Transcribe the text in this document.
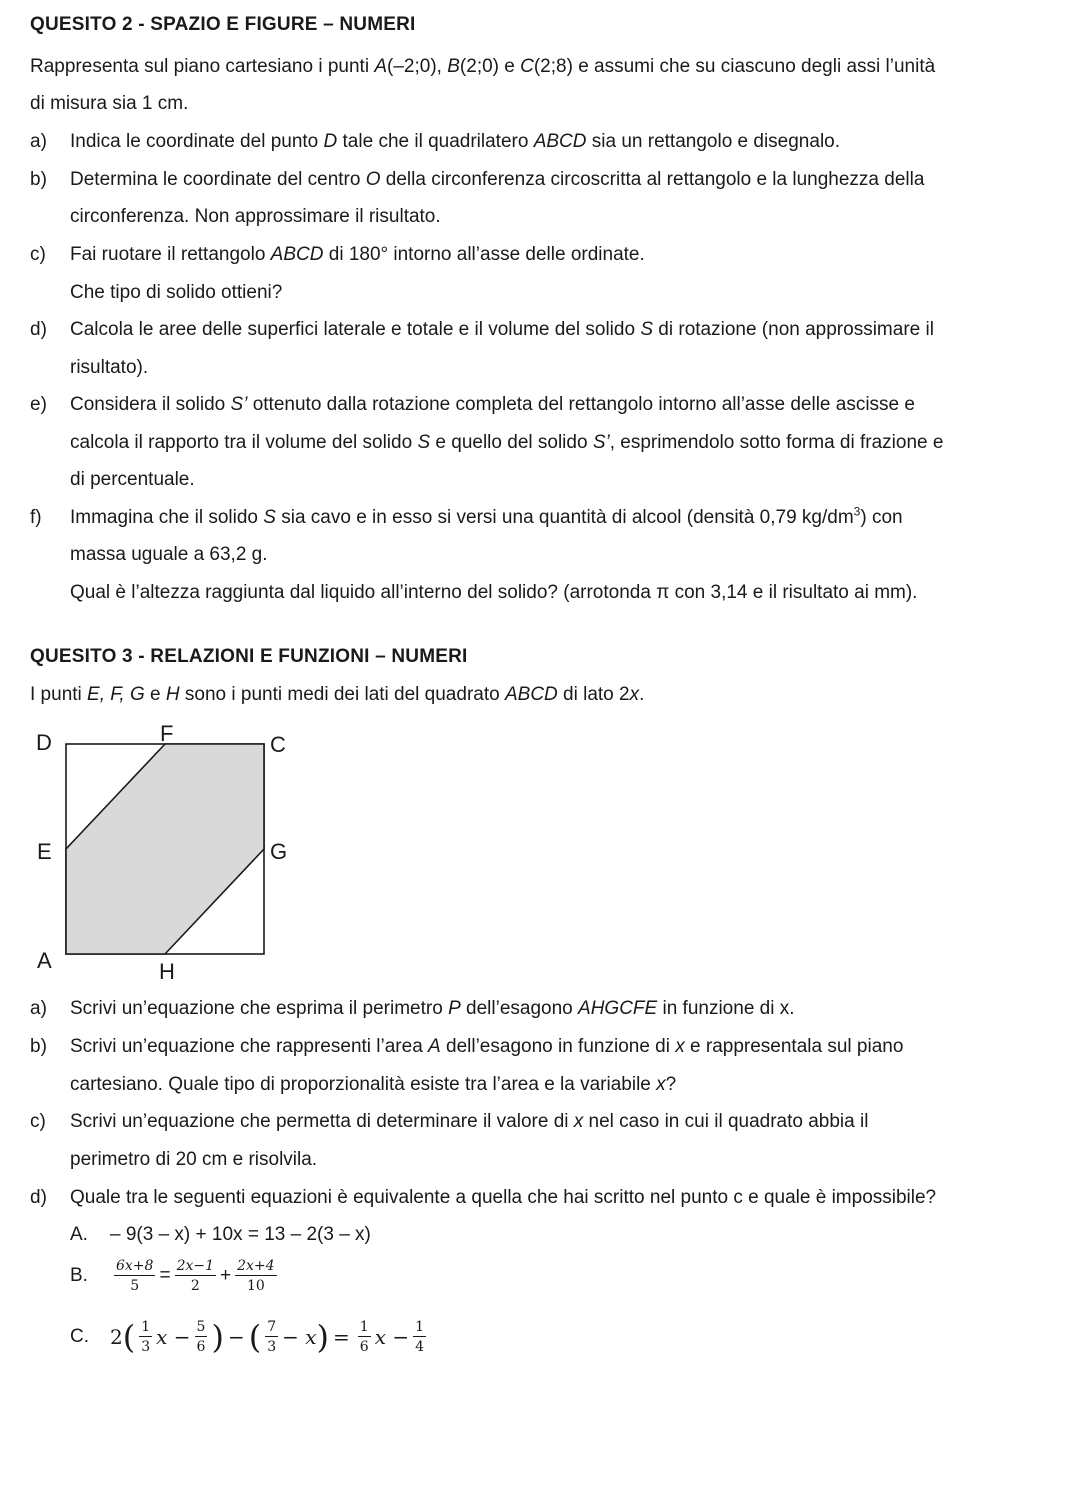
QUESITO 2 - SPAZIO E FIGURE – NUMERI
Rappresenta sul piano cartesiano i punti A(–2;0), B(2;0) e C(2;8) e assumi che su ciascuno degli assi l’unità
di misura sia 1 cm.
a) Indica le coordinate del punto D tale che il quadrilatero ABCD sia un rettangolo e disegnalo.
b) Determina le coordinate del centro O della circonferenza circoscritta al rettangolo e la lunghezza della
circonferenza. Non approssimare il risultato.
c) Fai ruotare il rettangolo ABCD di 180° intorno all’asse delle ordinate.
Che tipo di solido ottieni?
d) Calcola le aree delle superfici laterale e totale e il volume del solido S di rotazione (non approssimare il
risultato).
e) Considera il solido S’ ottenuto dalla rotazione completa del rettangolo intorno all’asse delle ascisse e
calcola il rapporto tra il volume del solido S e quello del solido S’, esprimendolo sotto forma di frazione e
di percentuale.
f) Immagina che il solido S sia cavo e in esso si versi una quantità di alcool (densità 0,79 $kg/dm^3$) con
massa uguale a 63,2 g.
Qual è l’altezza raggiunta dal liquido all’interno del solido? (arrotonda π con 3,14 e il risultato ai mm).
QUESITO 3 - RELAZIONI E FUNZIONI – NUMERI
I punti E, F, G e H sono i punti medi dei lati del quadrato ABCD di lato 2x.
D	F	C
E	G
A	H
a) Scrivi un’equazione che esprima il perimetro P dell’esagono AHGCFE in funzione di x.
b) Scrivi un’equazione che rappresenti l’area A dell’esagono in funzione di x e rappresentala sul piano
cartesiano. Quale tipo di proporzionalità esiste tra l’area e la variabile x?
c) Scrivi un’equazione che permetta di determinare il valore di x nel caso in cui il quadrato abbia il
perimetro di 20 cm e risolvila.
d) Quale tra le seguenti equazioni è equivalente a quella che hai scritto nel punto c e quale è impossibile?
A. – 9(3 – x) + 10x = 13 – 2(3 – x)
B. $\frac{6x+8}{5} = \frac{2x-1}{2} + \frac{2x+4}{10}$
C. $2( \frac{1}{3}$ $x - \frac{5}{6}$ ) − ( $\frac{7}{3} - x) = \frac{1}{6}$ $x - \frac{1}{4}$
